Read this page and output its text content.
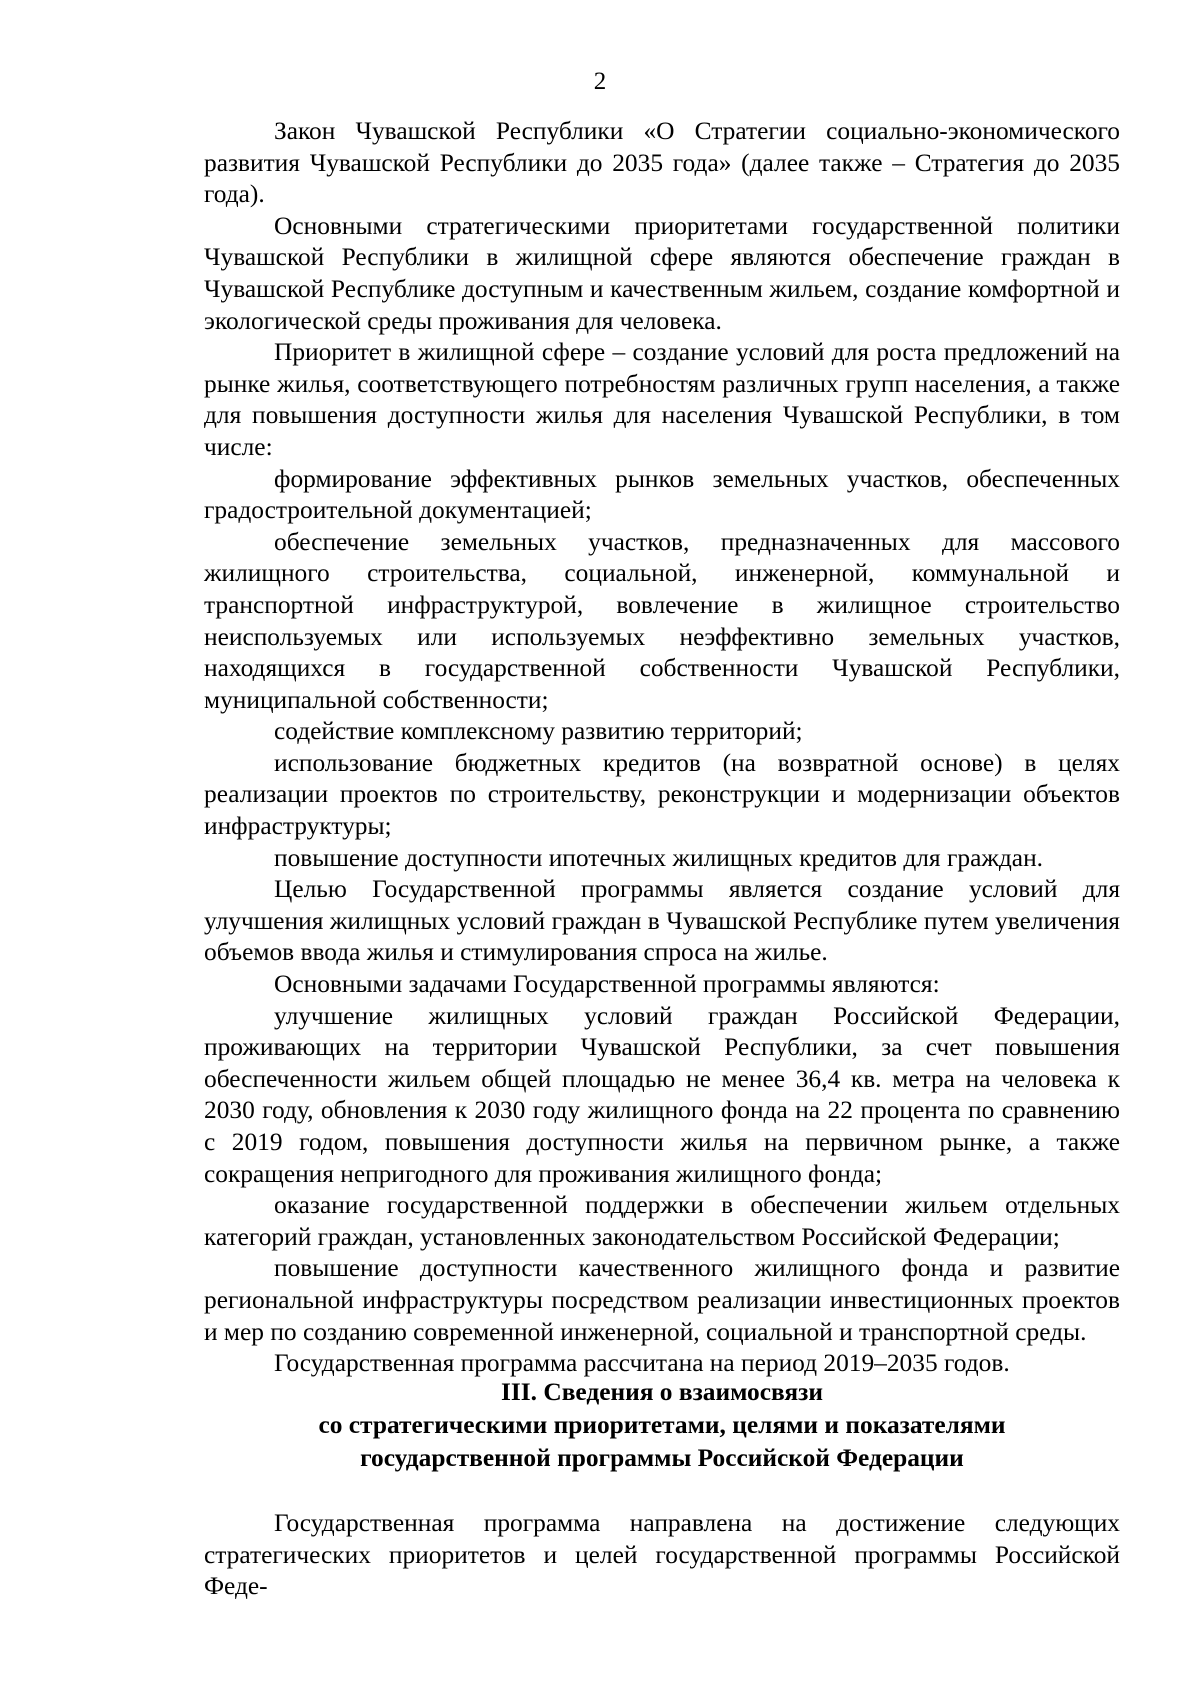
2

Закон Чувашской Республики «О Стратегии социально-экономического развития Чувашской Республики до 2035 года» (далее также – Стратегия до 2035 года).

Основными стратегическими приоритетами государственной политики Чувашской Республики в жилищной сфере являются обеспечение граждан в Чувашской Республике доступным и качественным жильем, создание комфортной и экологической среды проживания для человека.

Приоритет в жилищной сфере – создание условий для роста предложений на рынке жилья, соответствующего потребностям различных групп населения, а также для повышения доступности жилья для населения Чувашской Республики, в том числе:

формирование эффективных рынков земельных участков, обеспеченных градостроительной документацией;

обеспечение земельных участков, предназначенных для массового жилищного строительства, социальной, инженерной, коммунальной и транспортной инфраструктурой, вовлечение в жилищное строительство неиспользуемых или используемых неэффективно земельных участков, находящихся в государственной собственности Чувашской Республики, муниципальной собственности;

содействие комплексному развитию территорий;

использование бюджетных кредитов (на возвратной основе) в целях реализации проектов по строительству, реконструкции и модернизации объектов инфраструктуры;

повышение доступности ипотечных жилищных кредитов для граждан.

Целью Государственной программы является создание условий для улучшения жилищных условий граждан в Чувашской Республике путем увеличения объемов ввода жилья и стимулирования спроса на жилье.

Основными задачами Государственной программы являются:

улучшение жилищных условий граждан Российской Федерации, проживающих на территории Чувашской Республики, за счет повышения обеспеченности жильем общей площадью не менее 36,4 кв. метра на человека к 2030 году, обновления к 2030 году жилищного фонда на 22 процента по сравнению с 2019 годом, повышения доступности жилья на первичном рынке, а также сокращения непригодного для проживания жилищного фонда;

оказание государственной поддержки в обеспечении жильем отдельных категорий граждан, установленных законодательством Российской Федерации;

повышение доступности качественного жилищного фонда и развитие региональной инфраструктуры посредством реализации инвестиционных проектов и мер по созданию современной инженерной, социальной и транспортной среды.

Государственная программа рассчитана на период 2019–2035 годов.

III. Сведения о взаимосвязи
со стратегическими приоритетами, целями и показателями
государственной программы Российской Федерации

Государственная программа направлена на достижение следующих стратегических приоритетов и целей государственной программы Российской Феде-
